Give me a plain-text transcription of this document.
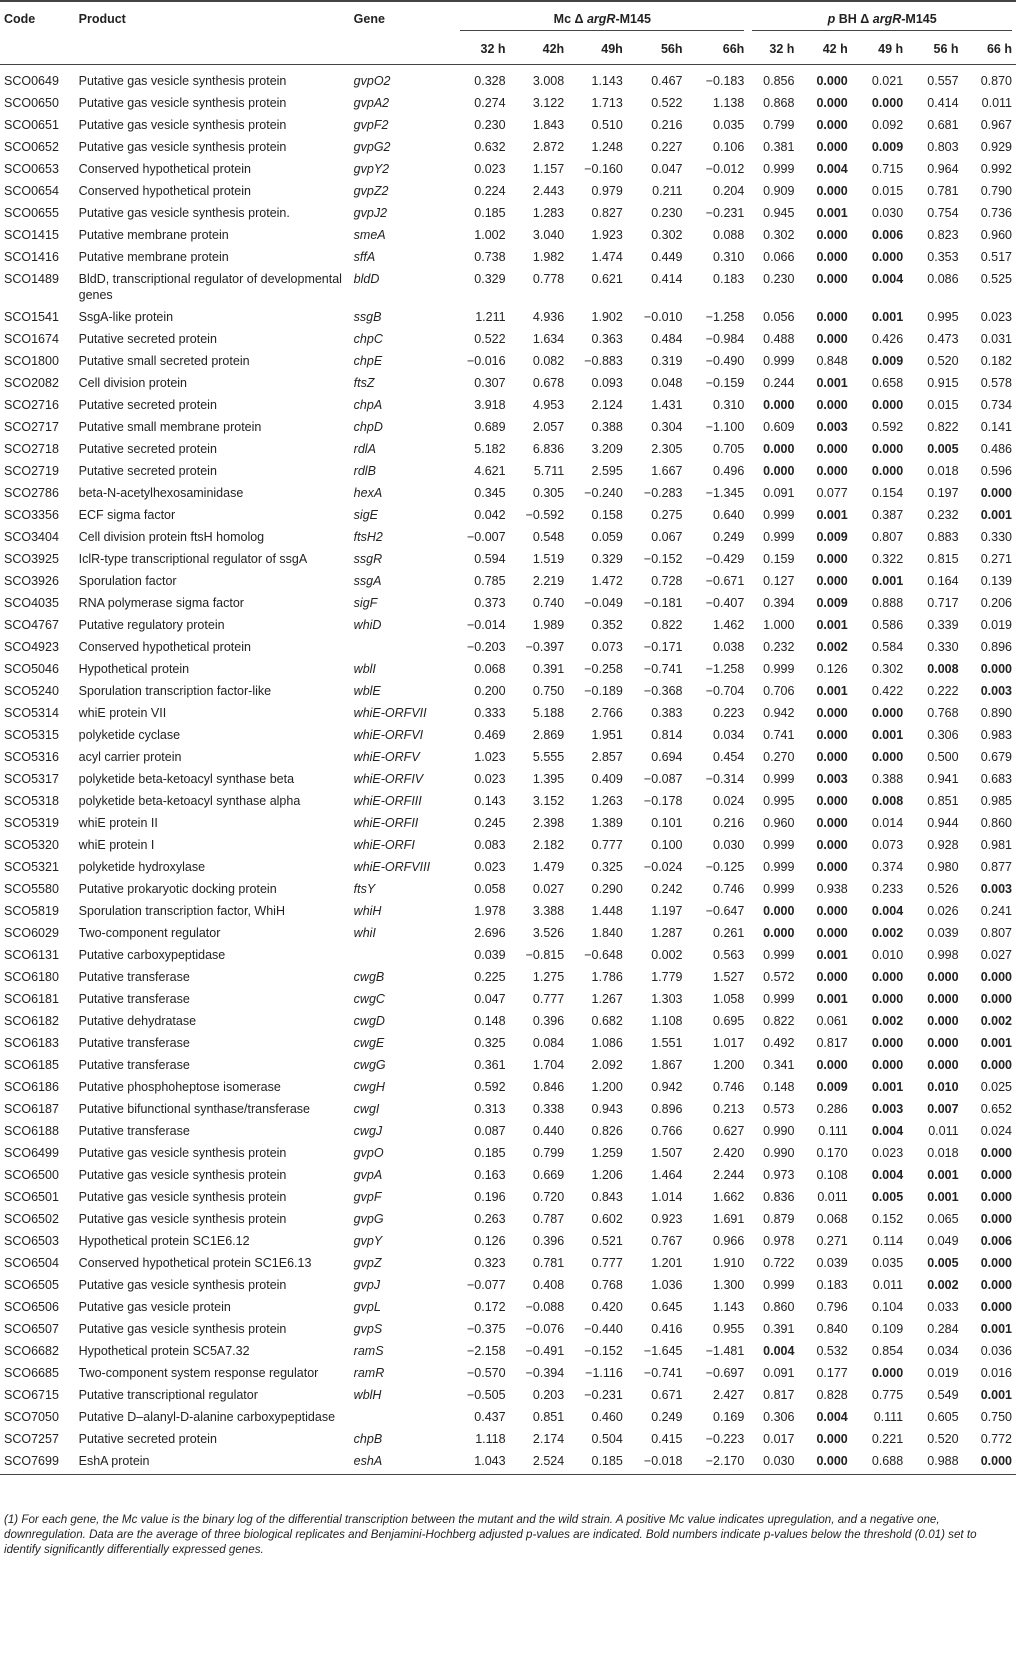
Code	Product	Gene	Mc Δ argR-M145					p BH Δ argR-M145				

			32 h	42h	49h	56h	66h	32 h	42 h	49 h	56 h	66 h
SCO0649	Putative gas vesicle synthesis protein	gvpO2	0.328	3.008	1.143	0.467	−0.183	0.856	0.000	0.021	0.557	0.870
SCO0650	Putative gas vesicle synthesis protein	gvpA2	0.274	3.122	1.713	0.522	1.138	0.868	0.000	0.000	0.414	0.011
SCO0651	Putative gas vesicle synthesis protein	gvpF2	0.230	1.843	0.510	0.216	0.035	0.799	0.000	0.092	0.681	0.967
SCO0652	Putative gas vesicle synthesis protein	gvpG2	0.632	2.872	1.248	0.227	0.106	0.381	0.000	0.009	0.803	0.929
SCO0653	Conserved hypothetical protein	gvpY2	0.023	1.157	−0.160	0.047	−0.012	0.999	0.004	0.715	0.964	0.992
SCO0654	Conserved hypothetical protein	gvpZ2	0.224	2.443	0.979	0.211	0.204	0.909	0.000	0.015	0.781	0.790
SCO0655	Putative gas vesicle synthesis protein.	gvpJ2	0.185	1.283	0.827	0.230	−0.231	0.945	0.001	0.030	0.754	0.736
SCO1415	Putative membrane protein	smeA	1.002	3.040	1.923	0.302	0.088	0.302	0.000	0.006	0.823	0.960
SCO1416	Putative membrane protein	sffA	0.738	1.982	1.474	0.449	0.310	0.066	0.000	0.000	0.353	0.517
SCO1489	BldD, transcriptional regulator of developmental genes	bldD	0.329	0.778	0.621	0.414	0.183	0.230	0.000	0.004	0.086	0.525
SCO1541	SsgA-like protein	ssgB	1.211	4.936	1.902	−0.010	−1.258	0.056	0.000	0.001	0.995	0.023
SCO1674	Putative secreted protein	chpC	0.522	1.634	0.363	0.484	−0.984	0.488	0.000	0.426	0.473	0.031
SCO1800	Putative small secreted protein	chpE	−0.016	0.082	−0.883	0.319	−0.490	0.999	0.848	0.009	0.520	0.182
SCO2082	Cell division protein	ftsZ	0.307	0.678	0.093	0.048	−0.159	0.244	0.001	0.658	0.915	0.578
SCO2716	Putative secreted protein	chpA	3.918	4.953	2.124	1.431	0.310	0.000	0.000	0.000	0.015	0.734
SCO2717	Putative small membrane protein	chpD	0.689	2.057	0.388	0.304	−1.100	0.609	0.003	0.592	0.822	0.141
SCO2718	Putative secreted protein	rdlA	5.182	6.836	3.209	2.305	0.705	0.000	0.000	0.000	0.005	0.486
SCO2719	Putative secreted protein	rdlB	4.621	5.711	2.595	1.667	0.496	0.000	0.000	0.000	0.018	0.596
SCO2786	beta-N-acetylhexosaminidase	hexA	0.345	0.305	−0.240	−0.283	−1.345	0.091	0.077	0.154	0.197	0.000
SCO3356	ECF sigma factor	sigE	0.042	−0.592	0.158	0.275	0.640	0.999	0.001	0.387	0.232	0.001
SCO3404	Cell division protein ftsH homolog	ftsH2	−0.007	0.548	0.059	0.067	0.249	0.999	0.009	0.807	0.883	0.330
SCO3925	IclR-type transcriptional regulator of ssgA	ssgR	0.594	1.519	0.329	−0.152	−0.429	0.159	0.000	0.322	0.815	0.271
SCO3926	Sporulation factor	ssgA	0.785	2.219	1.472	0.728	−0.671	0.127	0.000	0.001	0.164	0.139
SCO4035	RNA polymerase sigma factor	sigF	0.373	0.740	−0.049	−0.181	−0.407	0.394	0.009	0.888	0.717	0.206
SCO4767	Putative regulatory protein	whiD	−0.014	1.989	0.352	0.822	1.462	1.000	0.001	0.586	0.339	0.019
SCO4923	Conserved hypothetical protein		−0.203	−0.397	0.073	−0.171	0.038	0.232	0.002	0.584	0.330	0.896
SCO5046	Hypothetical protein	wblI	0.068	0.391	−0.258	−0.741	−1.258	0.999	0.126	0.302	0.008	0.000
SCO5240	Sporulation transcription factor-like	wblE	0.200	0.750	−0.189	−0.368	−0.704	0.706	0.001	0.422	0.222	0.003
SCO5314	whiE protein VII	whiE-ORFVII	0.333	5.188	2.766	0.383	0.223	0.942	0.000	0.000	0.768	0.890
SCO5315	polyketide cyclase	whiE-ORFVI	0.469	2.869	1.951	0.814	0.034	0.741	0.000	0.001	0.306	0.983
SCO5316	acyl carrier protein	whiE-ORFV	1.023	5.555	2.857	0.694	0.454	0.270	0.000	0.000	0.500	0.679
SCO5317	polyketide beta-ketoacyl synthase beta	whiE-ORFIV	0.023	1.395	0.409	−0.087	−0.314	0.999	0.003	0.388	0.941	0.683
SCO5318	polyketide beta-ketoacyl synthase alpha	whiE-ORFIII	0.143	3.152	1.263	−0.178	0.024	0.995	0.000	0.008	0.851	0.985
SCO5319	whiE protein II	whiE-ORFII	0.245	2.398	1.389	0.101	0.216	0.960	0.000	0.014	0.944	0.860
SCO5320	whiE protein I	whiE-ORFI	0.083	2.182	0.777	0.100	0.030	0.999	0.000	0.073	0.928	0.981
SCO5321	polyketide hydroxylase	whiE-ORFVIII	0.023	1.479	0.325	−0.024	−0.125	0.999	0.000	0.374	0.980	0.877
SCO5580	Putative prokaryotic docking protein	ftsY	0.058	0.027	0.290	0.242	0.746	0.999	0.938	0.233	0.526	0.003
SCO5819	Sporulation transcription factor, WhiH	whiH	1.978	3.388	1.448	1.197	−0.647	0.000	0.000	0.004	0.026	0.241
SCO6029	Two-component regulator	whiI	2.696	3.526	1.840	1.287	0.261	0.000	0.000	0.002	0.039	0.807
SCO6131	Putative carboxypeptidase		0.039	−0.815	−0.648	0.002	0.563	0.999	0.001	0.010	0.998	0.027
SCO6180	Putative transferase	cwgB	0.225	1.275	1.786	1.779	1.527	0.572	0.000	0.000	0.000	0.000
SCO6181	Putative transferase	cwgC	0.047	0.777	1.267	1.303	1.058	0.999	0.001	0.000	0.000	0.000
SCO6182	Putative dehydratase	cwgD	0.148	0.396	0.682	1.108	0.695	0.822	0.061	0.002	0.000	0.002
SCO6183	Putative transferase	cwgE	0.325	0.084	1.086	1.551	1.017	0.492	0.817	0.000	0.000	0.001
SCO6185	Putative transferase	cwgG	0.361	1.704	2.092	1.867	1.200	0.341	0.000	0.000	0.000	0.000
SCO6186	Putative phosphoheptose isomerase	cwgH	0.592	0.846	1.200	0.942	0.746	0.148	0.009	0.001	0.010	0.025
SCO6187	Putative bifunctional synthase/transferase	cwgI	0.313	0.338	0.943	0.896	0.213	0.573	0.286	0.003	0.007	0.652
SCO6188	Putative transferase	cwgJ	0.087	0.440	0.826	0.766	0.627	0.990	0.111	0.004	0.011	0.024
SCO6499	Putative gas vesicle synthesis protein	gvpO	0.185	0.799	1.259	1.507	2.420	0.990	0.170	0.023	0.018	0.000
SCO6500	Putative gas vesicle synthesis protein	gvpA	0.163	0.669	1.206	1.464	2.244	0.973	0.108	0.004	0.001	0.000
SCO6501	Putative gas vesicle synthesis protein	gvpF	0.196	0.720	0.843	1.014	1.662	0.836	0.011	0.005	0.001	0.000
SCO6502	Putative gas vesicle synthesis protein	gvpG	0.263	0.787	0.602	0.923	1.691	0.879	0.068	0.152	0.065	0.000
SCO6503	Hypothetical protein SC1E6.12	gvpY	0.126	0.396	0.521	0.767	0.966	0.978	0.271	0.114	0.049	0.006
SCO6504	Conserved hypothetical protein SC1E6.13	gvpZ	0.323	0.781	0.777	1.201	1.910	0.722	0.039	0.035	0.005	0.000
SCO6505	Putative gas vesicle synthesis protein	gvpJ	−0.077	0.408	0.768	1.036	1.300	0.999	0.183	0.011	0.002	0.000
SCO6506	Putative gas vesicle protein	gvpL	0.172	−0.088	0.420	0.645	1.143	0.860	0.796	0.104	0.033	0.000
SCO6507	Putative gas vesicle synthesis protein	gvpS	−0.375	−0.076	−0.440	0.416	0.955	0.391	0.840	0.109	0.284	0.001
SCO6682	Hypothetical protein SC5A7.32	ramS	−2.158	−0.491	−0.152	−1.645	−1.481	0.004	0.532	0.854	0.034	0.036
SCO6685	Two-component system response regulator	ramR	−0.570	−0.394	−1.116	−0.741	−0.697	0.091	0.177	0.000	0.019	0.016
SCO6715	Putative transcriptional regulator	wblH	−0.505	0.203	−0.231	0.671	2.427	0.817	0.828	0.775	0.549	0.001
SCO7050	Putative D–alanyl-D-alanine carboxypeptidase		0.437	0.851	0.460	0.249	0.169	0.306	0.004	0.111	0.605	0.750
SCO7257	Putative secreted protein	chpB	1.118	2.174	0.504	0.415	−0.223	0.017	0.000	0.221	0.520	0.772
SCO7699	EshA protein	eshA	1.043	2.524	0.185	−0.018	−2.170	0.030	0.000	0.688	0.988	0.000
(1) For each gene, the Mc value is the binary log of the differential transcription between the mutant and the wild strain. A positive Mc value indicates upregulation, and a negative one, downregulation. Data are the average of three biological replicates and Benjamini-Hochberg adjusted p-values are indicated. Bold numbers indicate p-values below the threshold (0.01) set to identify significantly differentially expressed genes.
